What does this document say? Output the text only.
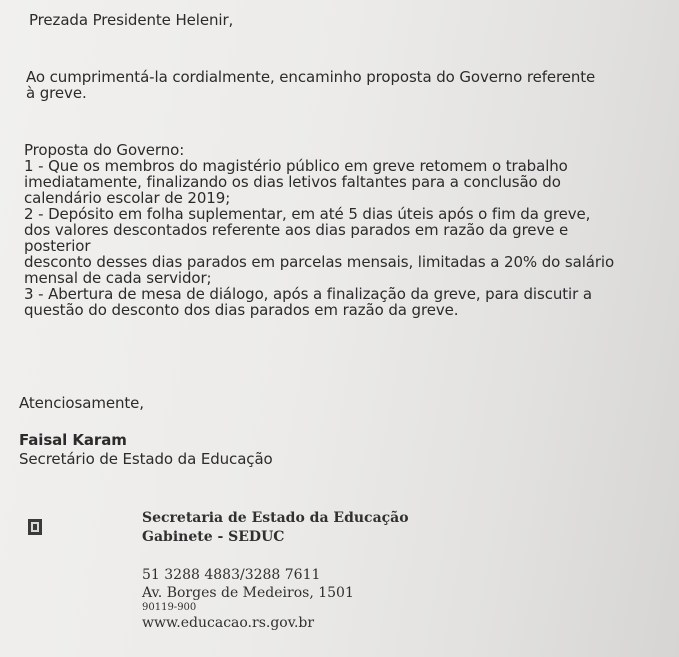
Prezada Presidente Helenir,
Ao cumprimentá-la cordialmente, encaminho proposta do Governo referente
à greve.
Proposta do Governo:
1 - Que os membros do magistério público em greve retomem o trabalho
imediatamente, finalizando os dias letivos faltantes para a conclusão do
calendário escolar de 2019;
2 - Depósito em folha suplementar, em até 5 dias úteis após o fim da greve,
dos valores descontados referente aos dias parados em razão da greve e
posterior
desconto desses dias parados em parcelas mensais, limitadas a 20% do salário
mensal de cada servidor;
3 - Abertura de mesa de diálogo, após a finalização da greve, para discutir a
questão do desconto dos dias parados em razão da greve.
Atenciosamente,
Faisal Karam
Secretário de Estado da Educação
Secretaria de Estado da Educação
Gabinete - SEDUC
51 3288 4883/3288 7611
Av. Borges de Medeiros, 1501
90119-900
www.educacao.rs.gov.br
